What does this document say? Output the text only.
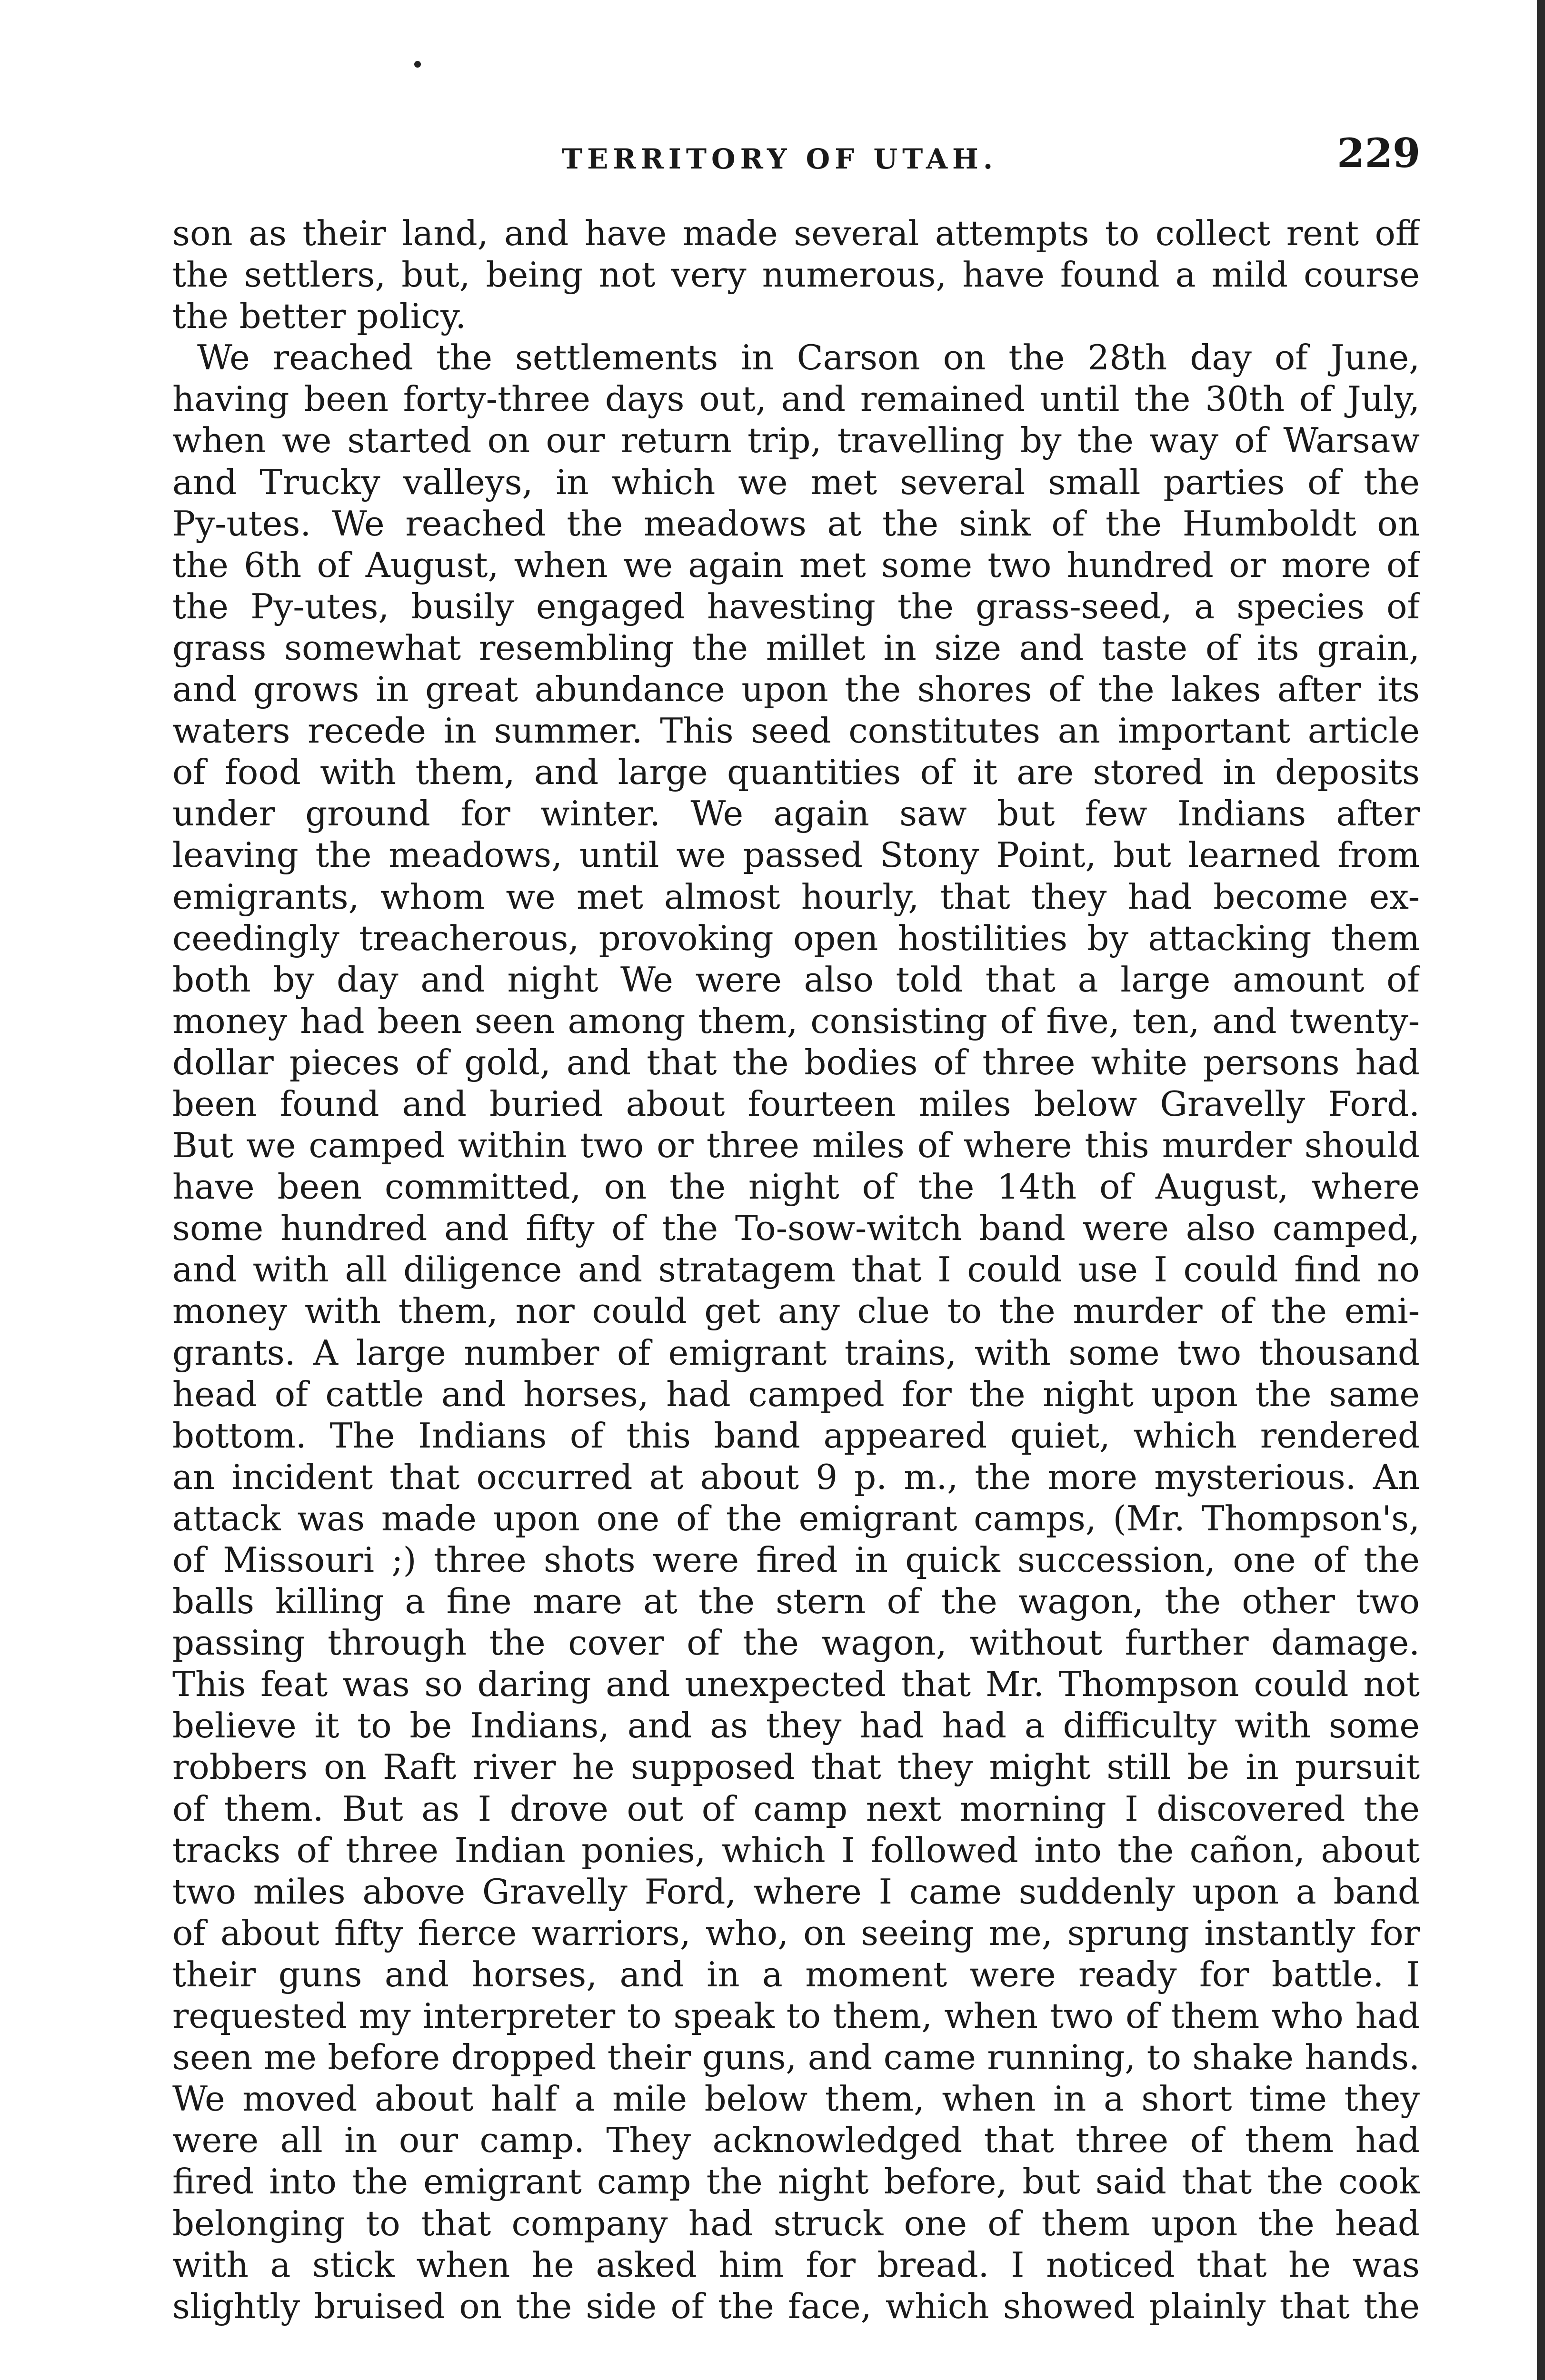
TERRITORY OF UTAH.	229
son as their land, and have made several attempts to collect rent off
the settlers, but, being not very numerous, have found a mild course
the better policy.
We reached the settlements in Carson on the 28th day of June,
having been forty-three days out, and remained until the 30th of July,
when we started on our return trip, travelling by the way of Warsaw
and Trucky valleys, in which we met several small parties of the
Py-utes. We reached the meadows at the sink of the Humboldt on
the 6th of August, when we again met some two hundred or more of
the Py-utes, busily engaged havesting the grass-seed, a species of
grass somewhat resembling the millet in size and taste of its grain,
and grows in great abundance upon the shores of the lakes after its
waters recede in summer. This seed constitutes an important article
of food with them, and large quantities of it are stored in deposits
under ground for winter. We again saw but few Indians after
leaving the meadows, until we passed Stony Point, but learned from
emigrants, whom we met almost hourly, that they had become ex-
ceedingly treacherous, provoking open hostilities by attacking them
both by day and night We were also told that a large amount of
money had been seen among them, consisting of five, ten, and twenty-
dollar pieces of gold, and that the bodies of three white persons had
been found and buried about fourteen miles below Gravelly Ford.
But we camped within two or three miles of where this murder should
have been committed, on the night of the 14th of August, where
some hundred and fifty of the To-sow-witch band were also camped,
and with all diligence and stratagem that I could use I could find no
money with them, nor could get any clue to the murder of the emi-
grants. A large number of emigrant trains, with some two thousand
head of cattle and horses, had camped for the night upon the same
bottom. The Indians of this band appeared quiet, which rendered
an incident that occurred at about 9 p. m., the more mysterious. An
attack was made upon one of the emigrant camps, (Mr. Thompson's,
of Missouri ;) three shots were fired in quick succession, one of the
balls killing a fine mare at the stern of the wagon, the other two
passing through the cover of the wagon, without further damage.
This feat was so daring and unexpected that Mr. Thompson could not
believe it to be Indians, and as they had had a difficulty with some
robbers on Raft river he supposed that they might still be in pursuit
of them. But as I drove out of camp next morning I discovered the
tracks of three Indian ponies, which I followed into the cañon, about
two miles above Gravelly Ford, where I came suddenly upon a band
of about fifty fierce warriors, who, on seeing me, sprung instantly for
their guns and horses, and in a moment were ready for battle. I
requested my interpreter to speak to them, when two of them who had
seen me before dropped their guns, and came running, to shake hands.
We moved about half a mile below them, when in a short time they
were all in our camp. They acknowledged that three of them had
fired into the emigrant camp the night before, but said that the cook
belonging to that company had struck one of them upon the head
with a stick when he asked him for bread. I noticed that he was
slightly bruised on the side of the face, which showed plainly that the
